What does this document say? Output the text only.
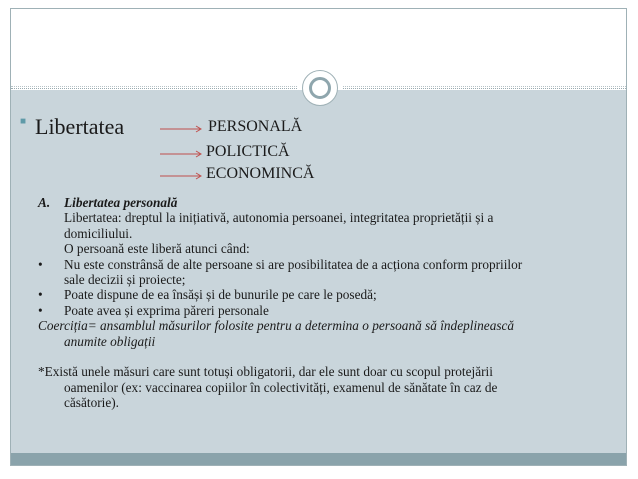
■ Libertatea	PERSONALĂ
POLICTICĂ
ECONOMINCĂ
A. Libertatea personală
Libertatea: dreptul la inițiativă, autonomia persoanei, integritatea proprietății și a
domiciliului.
O persoană este liberă atunci când:
• Nu este constrânsă de alte persoane si are posibilitatea de a acționa conform propriilor
sale decizii și proiecte;
• Poate dispune de ea însăși și de bunurile pe care le posedă;
• Poate avea și exprima păreri personale
Coerciția= ansamblul măsurilor folosite pentru a determina o persoană să îndeplinească
anumite obligații
*Există unele măsuri care sunt totuși obligatorii, dar ele sunt doar cu scopul protejării
oamenilor (ex: vaccinarea copiilor în colectivități, examenul de sănătate în caz de
căsătorie).
